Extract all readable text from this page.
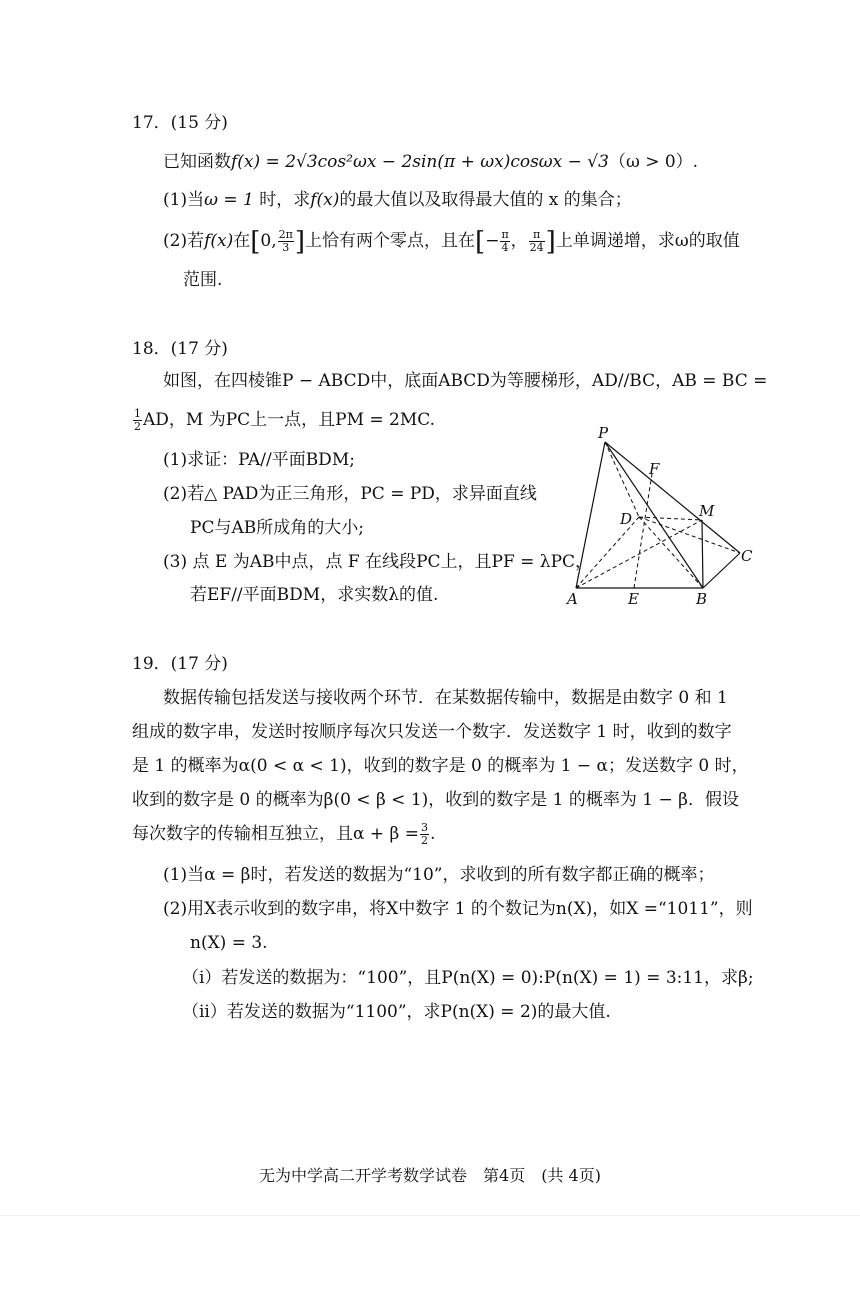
17．(15 分)
已知函数f(x) = 2√3cos²ωx − 2sin(π + ωx)cosωx − √3（ω > 0）.
(1)当ω = 1 时，求f(x)的最大值以及取得最大值的 x 的集合；
(2)若f(x)在[0, $\frac{2\pi}{3}$ ]上恰有两个零点，且在[− $\frac{\pi}{4}$ ， $\frac{\pi}{24}$ ]上单调递增，求ω的取值
范围.
18．(17 分)
如图，在四棱锥P − ABCD中，底面ABCD为等腰梯形，AD//BC，AB = BC =
$\frac{1}{2}$ AD，M 为PC上一点，且PM = 2MC.
(1)求证：PA//平面BDM;
(2)若△ PAD为正三角形，PC = PD，求异面直线
PC与AB所成角的大小;
(3) 点 E 为AB中点，点 F 在线段PC上，且PF = λPC，
若EF//平面BDM，求实数λ的值.
P
F
D	M
C
A	E	B
19．(17 分)
数据传输包括发送与接收两个环节．在某数据传输中，数据是由数字 0 和 1
组成的数字串，发送时按顺序每次只发送一个数字．发送数字 1 时，收到的数字
是 1 的概率为α(0 < α < 1)，收到的数字是 0 的概率为 1 − α；发送数字 0 时，
收到的数字是 0 的概率为β(0 < β < 1)，收到的数字是 1 的概率为 1 − β．假设
每次数字的传输相互独立，且$\alpha + \beta = \frac{3}{2}$ .
(1)当α = β时，若发送的数据为“10”，求收到的所有数字都正确的概率；
(2)用X表示收到的数字串，将X中数字 1 的个数记为n(X)，如X =“1011”，则
n(X) = 3.
（i）若发送的数据为：“100”，且P(n(X) = 0):P(n(X) = 1) = 3:11，求β;
（ii）若发送的数据为“1100”，求P(n(X) = 2)的最大值.
无为中学高二开学考数学试卷　第4页　(共 4页)
